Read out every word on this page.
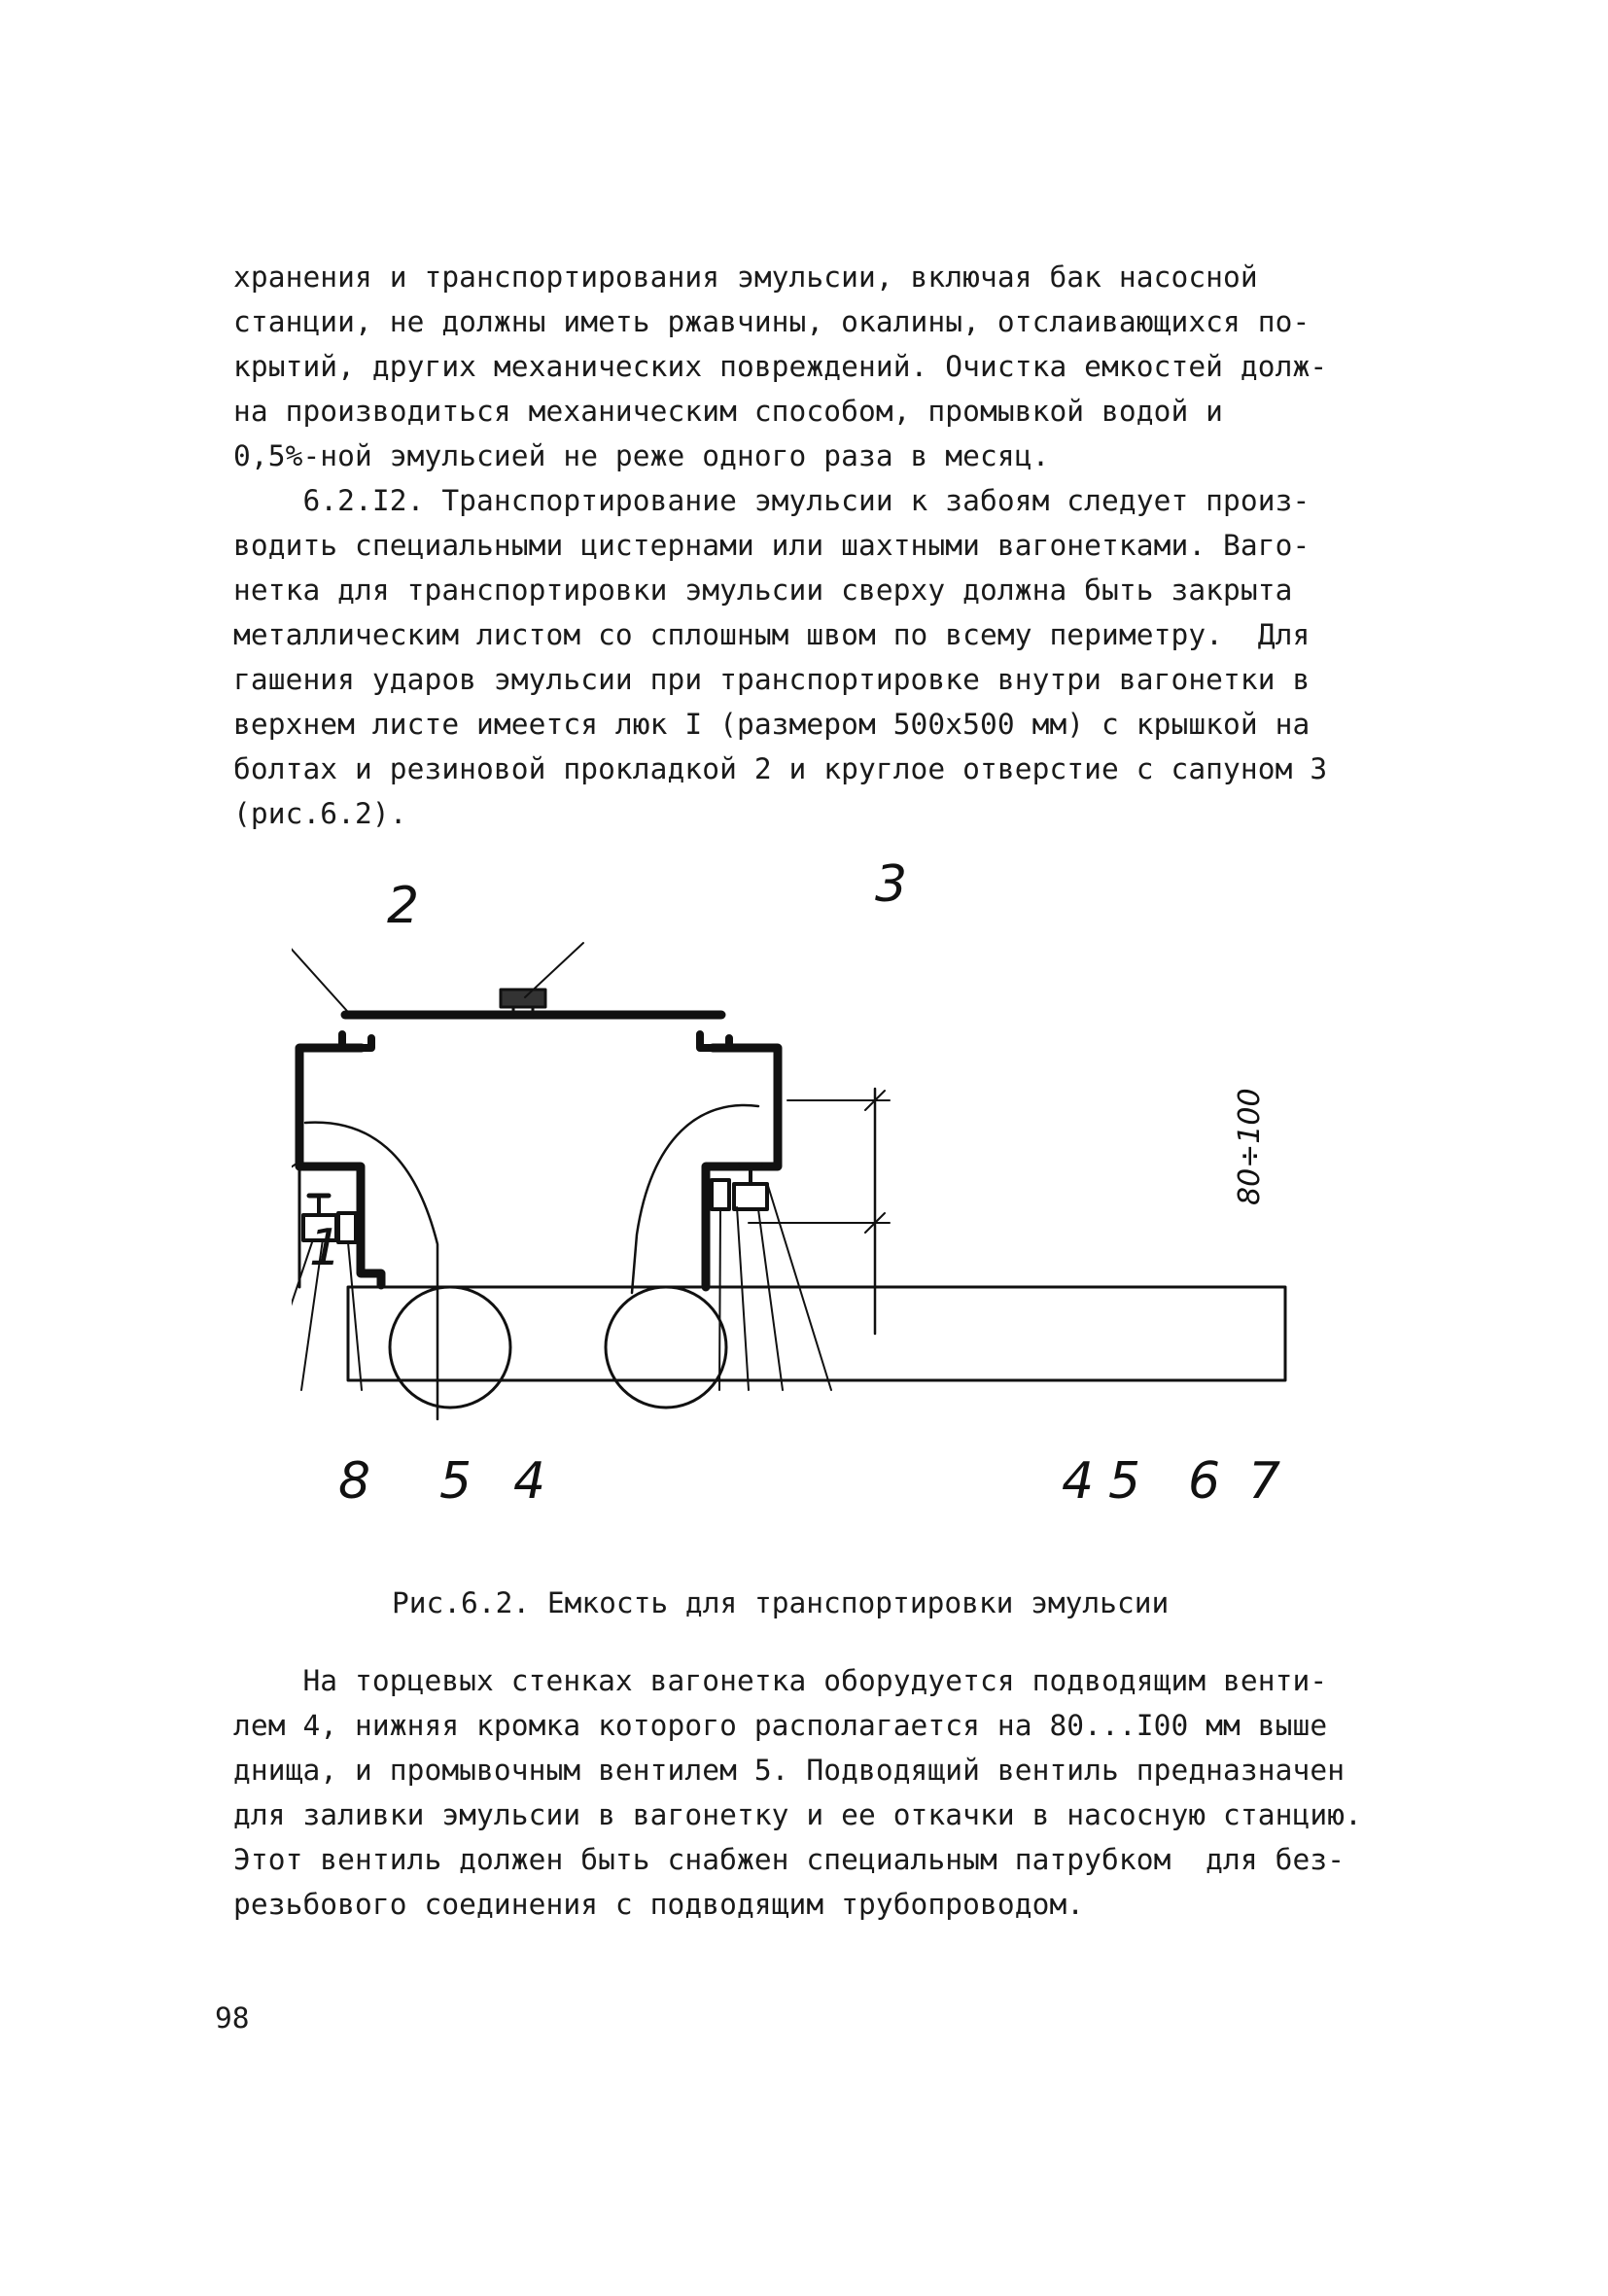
хранения и транспортирования эмульсии, включая бак насосной
станции, не должны иметь ржавчины, окалины, отслаивающихся по-
крытий, других механических повреждений. Очистка емкостей долж-
на производиться механическим способом, промывкой водой и
0,5%-ной эмульсией не реже одного раза в месяц.
6.2.I2. Транспортирование эмульсии к забоям следует произ-
водить специальными цистернами или шахтными вагонетками. Ваго-
нетка для транспортировки эмульсии сверху должна быть закрыта
металлическим листом со сплошным швом по всему периметру.  Для
гашения ударов эмульсии при транспортировке внутри вагонетки в
верхнем листе имеется люк I (размером 500x500 мм) с крышкой на
болтах и резиновой прокладкой 2 и круглое отверстие с сапуном 3
(рис.6.2).
2	3
1
8 5 4	4 5 6 7
80÷100
Рис.6.2. Емкость для транспортировки эмульсии
На торцевых стенках вагонетка оборудуется подводящим венти-
лем 4, нижняя кромка которого располагается на 80...I00 мм выше
днища, и промывочным вентилем 5. Подводящий вентиль предназначен
для заливки эмульсии в вагонетку и ее откачки в насосную станцию.
Этот вентиль должен быть снабжен специальным патрубком  для без-
резьбового соединения с подводящим трубопроводом.
98
